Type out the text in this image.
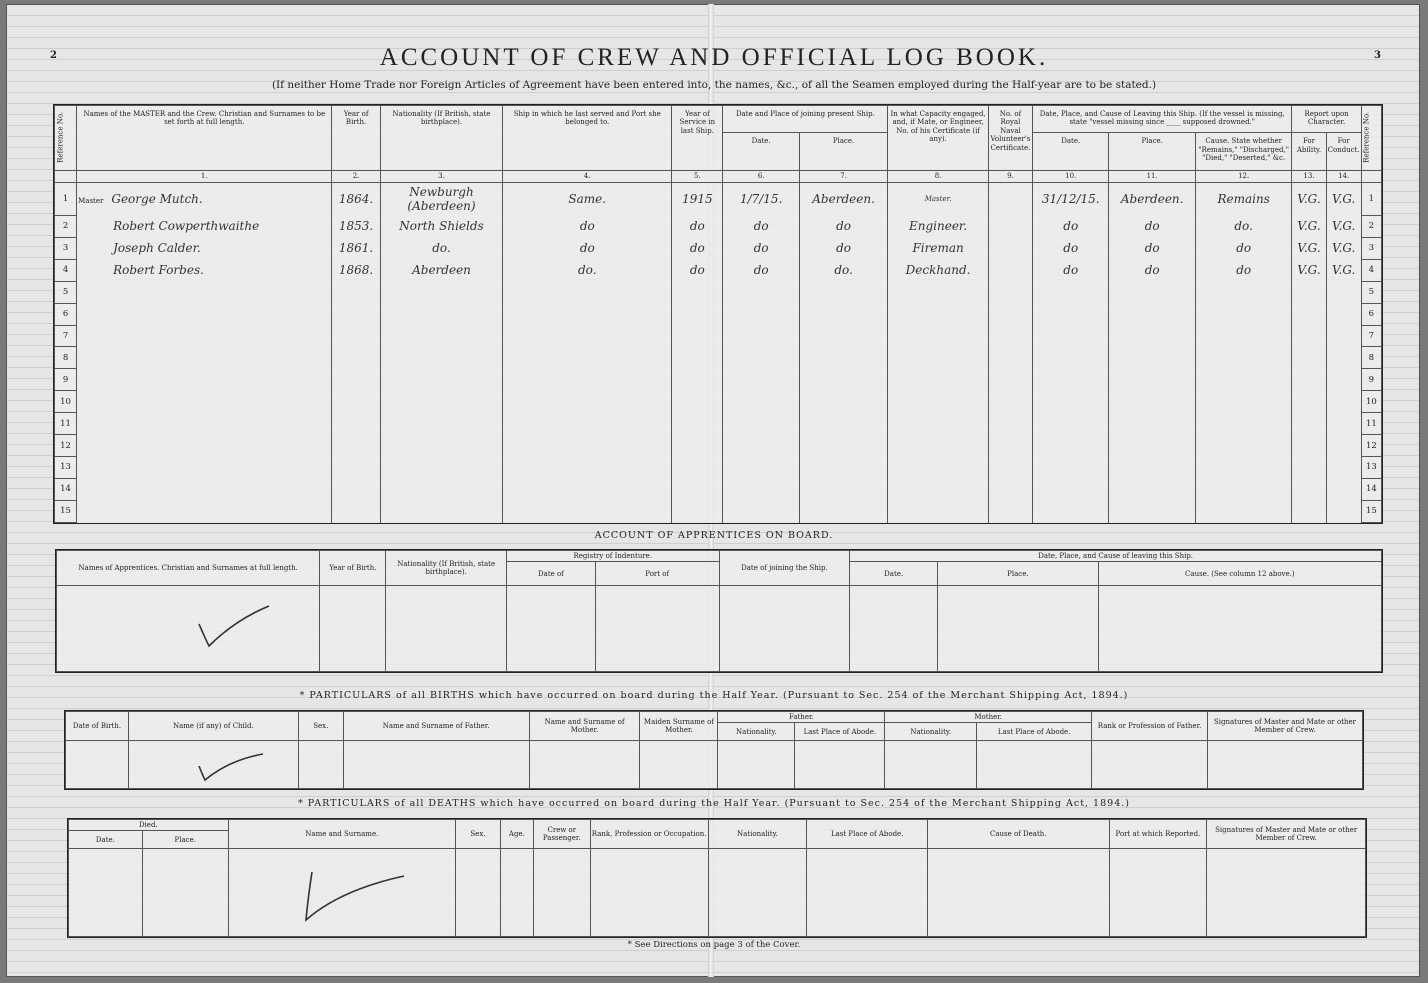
2	3
ACCOUNT OF CREW AND OFFICIAL LOG BOOK.
(If neither Home Trade nor Foreign Articles of Agreement have been entered into, the names, &c., of all the Seamen employed during the Half-year are to be stated.)
Reference No.	Names of the MASTER and the Crew. Christian and Surnames to be set forth at full length.	Year of Birth.	Nationality (If British, state birthplace).	Ship in which he last served and Port she belonged to.	Year of Service in last Ship.	Date and Place of joining present Ship.		In what Capacity engaged, and, if Mate, or Engineer, No. of his Certificate (if any).	No. of Royal Naval Volunteer's Certificate.	Date, Place, and Cause of Leaving this Ship. (If the vessel is missing, state "vessel missing since ____ supposed drowned."			Report upon Character.		Reference No.
						Date.	Place.			Date.	Place.	Cause. State whether "Remains," "Discharged," "Died," "Deserted," &c.	For Ability.	For Conduct.	
	1.	2.	3.	4.	5.	6.	7.	8.	9.	10.	11.	12.	13.	14.	
1	Master George Mutch.	1864.	Newburgh (Aberdeen)	Same.	1915	1/7/15.	Aberdeen.	Master.		31/12/15.	Aberdeen.	Remains	V.G.	V.G.	1
2	Robert Cowperthwaithe	1853.	North Shields	do	do	do	do	Engineer.		do	do	do.	V.G.	V.G.	2
3	Joseph Calder.	1861.	do.	do	do	do	do	Fireman		do	do	do	V.G.	V.G.	3
4	Robert Forbes.	1868.	Aberdeen	do.	do	do	do.	Deckhand.		do	do	do	V.G.	V.G.	4
5															5
6															6
7															7
8															8
9															9
10															10
11															11
12															12
13															13
14															14
15															15
ACCOUNT OF APPRENTICES ON BOARD.
Names of Apprentices. Christian and Surnames at full length.	Year of Birth.	Nationality (If British, state birthplace).	Registry of Indenture.		Date of joining the Ship.	Date, Place, and Cause of leaving this Ship.		
			Date of	Port of		Date.	Place.	Cause. (See column 12 above.)

* PARTICULARS of all BIRTHS which have occurred on board during the Half Year. (Pursuant to Sec. 254 of the Merchant Shipping Act, 1894.)
Date of Birth.	Name (if any) of Child.	Sex.	Name and Surname of Father.	Name and Surname of Mother.	Maiden Surname of Mother.	Father.		Mother.		Rank or Profession of Father.	Signatures of Master and Mate or other Member of Crew.
						Nationality.	Last Place of Abode.	Nationality.	Last Place of Abode.		

* PARTICULARS of all DEATHS which have occurred on board during the Half Year. (Pursuant to Sec. 254 of the Merchant Shipping Act, 1894.)
Died.		Name and Surname.	Sex.	Age.	Crew or Passenger.	Rank, Profession or Occupation.	Nationality.	Last Place of Abode.	Cause of Death.	Port at which Reported.	Signatures of Master and Mate or other Member of Crew.
Date.	Place.										

* See Directions on page 3 of the Cover.
